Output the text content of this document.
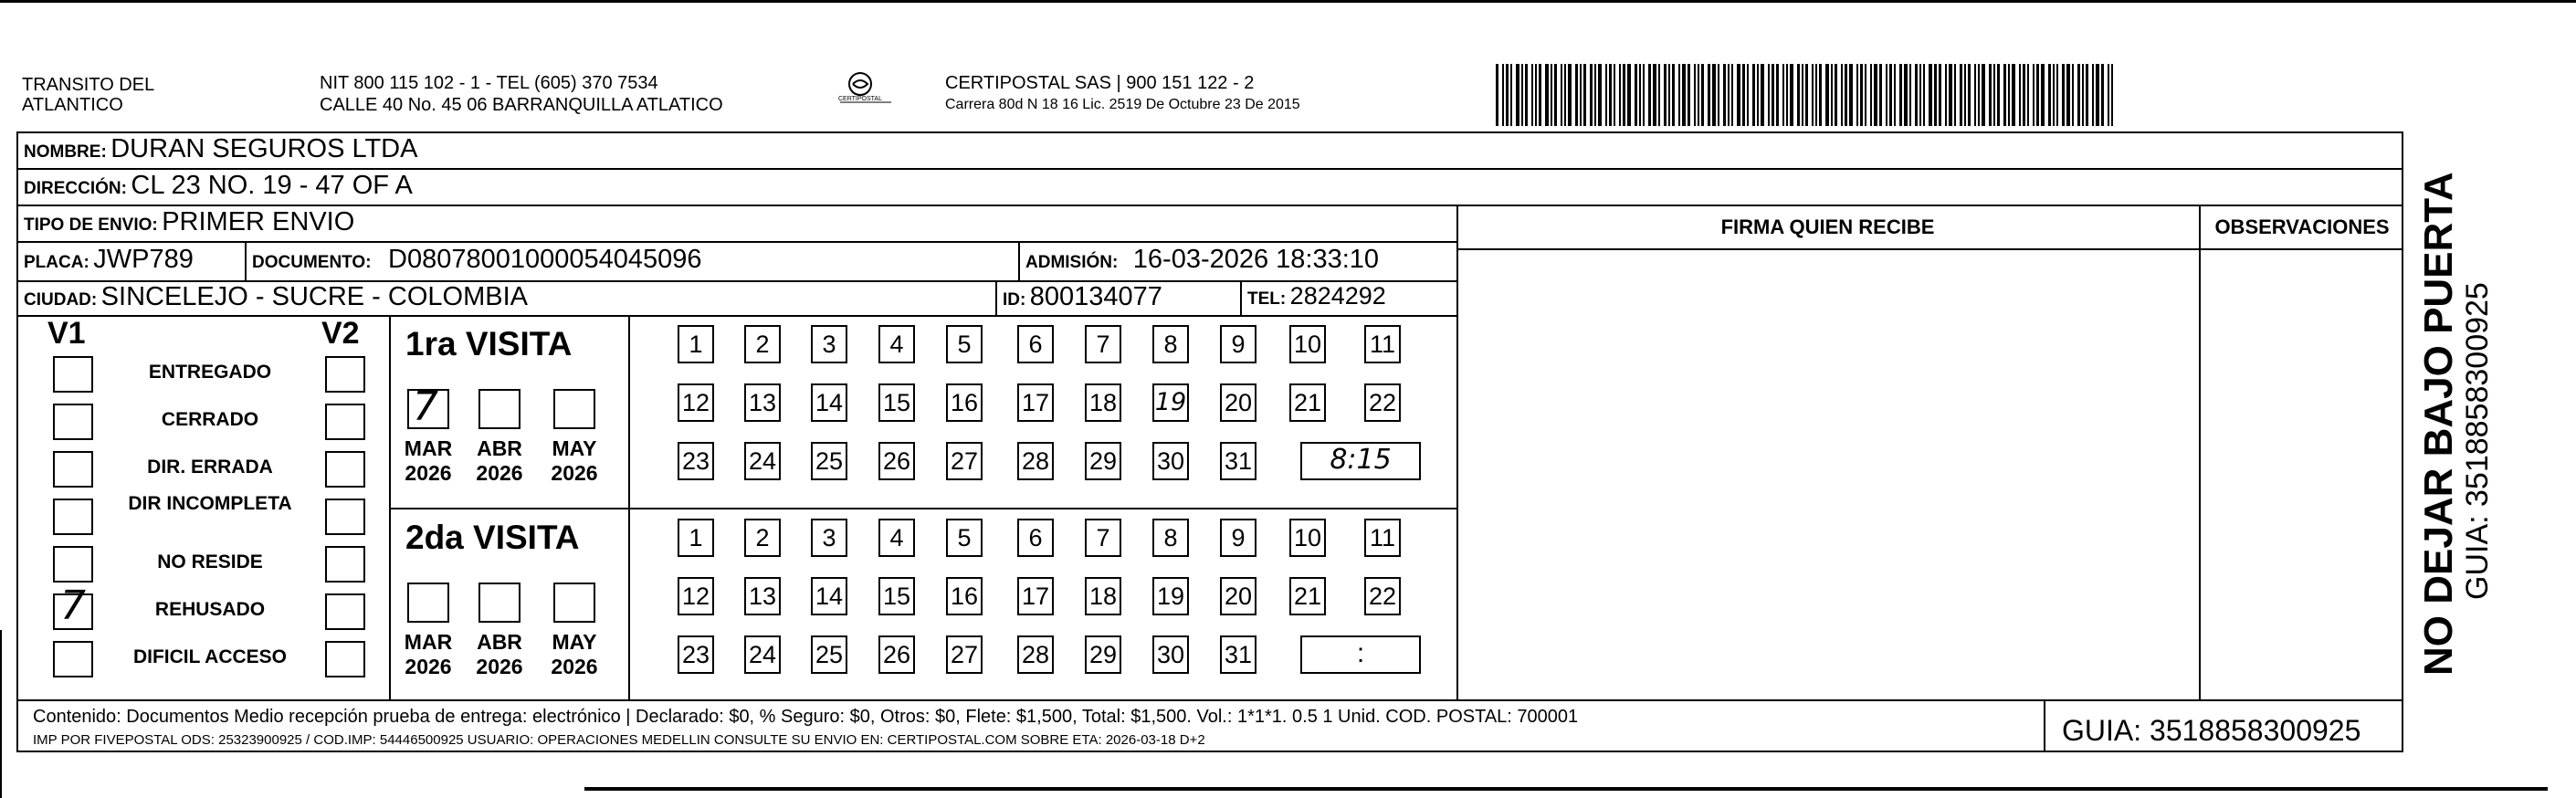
TRANSITO DEL
ATLANTICO
NIT 800 115 102 - 1 - TEL (605) 370 7534
CALLE 40 No. 45 06 BARRANQUILLA ATLATICO	CERTIPOSTAL
CERTIPOSTAL SAS | 900 151 122 - 2
Carrera 80d N 18 16 Lic. 2519 De Octubre 23 De 2015
NOMBRE: DURAN SEGUROS LTDA
DIRECCIÓN: CL 23 NO. 19 - 47 OF A
TIPO DE ENVIO: PRIMER ENVIO
PLACA: JWP789	DOCUMENTO: D08078001000054045096	ADMISIÓN: 16-03-2026 18:33:10
CIUDAD: SINCELEJO - SUCRE - COLOMBIA	ID: 800134077	TEL: 2824292
FIRMA QUIEN RECIBE	OBSERVACIONES
V1	V2
ENTREGADO
CERRADO
DIR. ERRADA
DIR INCOMPLETA
NO RESIDE
7	REHUSADO
DIFICIL ACCESO
1ra VISITA
7
MAR
2026
ABR
2026
MAY
2026
1	2	3	4	5	6	7	8	9	10 11
12 13 14 15 16 17 18 19 20 21 22
23 24 25 26 27 28 29 30 31	8:15
2da VISITA
MAR
2026
ABR
2026
MAY
2026
1	2	3	4	5	6	7	8	9	10 11
12 13 14 15 16 17 18 19 20 21 22
23 24 25 26 27 28 29 30 31	:
Contenido: Documentos Medio recepción prueba de entrega: electrónico | Declarado: $0, % Seguro: $0, Otros: $0, Flete: $1,500, Total: $1,500. Vol.: 1*1*1. 0.5 1 Unid. COD. POSTAL: 700001
IMP POR FIVEPOSTAL ODS: 25323900925 / COD.IMP: 54446500925 USUARIO: OPERACIONES MEDELLIN CONSULTE SU ENVIO EN: CERTIPOSTAL.COM SOBRE ETA: 2026-03-18 D+2	GUIA: 3518858300925
NO DEJAR BAJO PUERTA GUIA: 3518858300925
